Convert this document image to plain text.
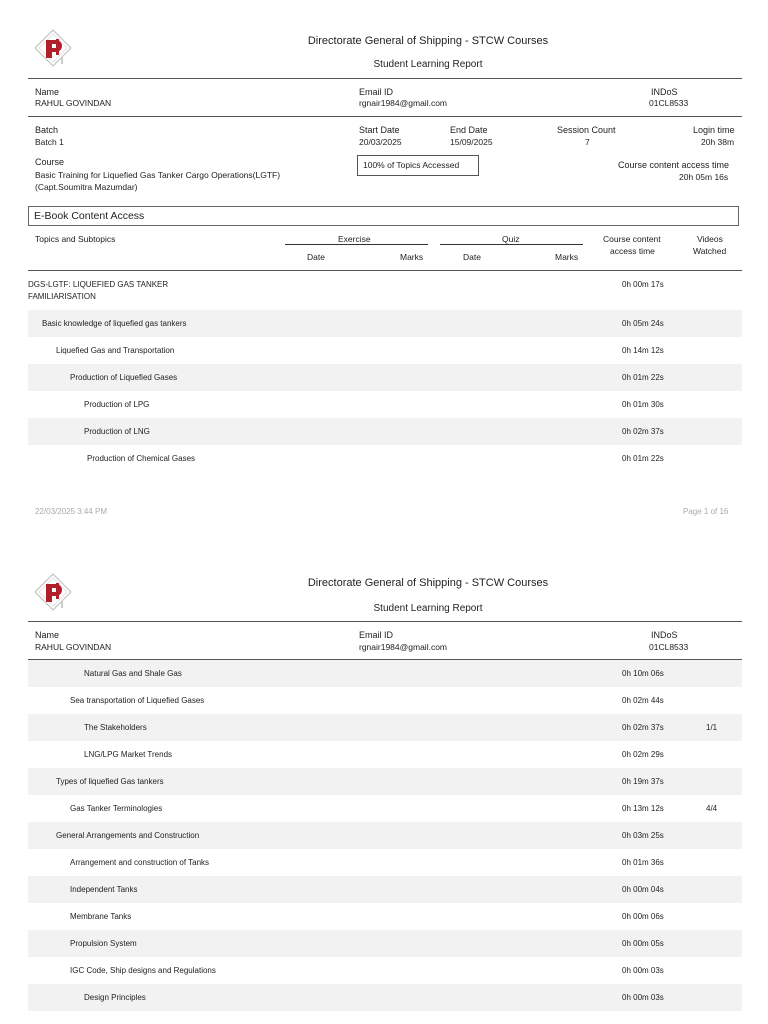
Directorate General of Shipping - STCW Courses
Student Learning Report
Name
RAHUL GOVINDAN
Email ID
rgnair1984@gmail.com
INDoS
01CL8533
Batch
Batch 1
Start Date
20/03/2025
End Date
15/09/2025
Session Count
7
Login time
20h 38m
Course
Basic Training for Liquefied Gas Tanker Cargo Operations(LGTF)
(Capt.Soumitra Mazumdar)
100% of Topics Accessed	Course content access time
20h 05m 16s
E-Book Content Access
Topics and Subtopics	Exercise	Quiz
Date	Marks	Date	Marks
Course content
access time
Videos
Watched
DGS-LGTF: LIQUEFIED GAS TANKER
FAMILIARISATION
0h 00m 17s
Basic knowledge of liquefied gas tankers	0h 05m 24s
Liquefied Gas and Transportation	0h 14m 12s
Production of Liquefied Gases	0h 01m 22s
Production of LPG	0h 01m 30s
Production of LNG	0h 02m 37s
Production of Chemical Gases	0h 01m 22s
22/03/2025 3:44 PM	Page 1 of 16
Directorate General of Shipping - STCW Courses
Student Learning Report
Name
RAHUL GOVINDAN
Email ID
rgnair1984@gmail.com
INDoS
01CL8533
Natural Gas and Shale Gas	0h 10m 06s
Sea transportation of Liquefied Gases	0h 02m 44s
The Stakeholders	0h 02m 37s	1/1
LNG/LPG Market Trends	0h 02m 29s
Types of liquefied Gas tankers	0h 19m 37s
Gas Tanker Terminologies	0h 13m 12s	4/4
General Arrangements and Construction	0h 03m 25s
Arrangement and construction of Tanks	0h 01m 36s
Independent Tanks	0h 00m 04s
Membrane Tanks	0h 00m 06s
Propulsion System	0h 00m 05s
IGC Code, Ship designs and Regulations	0h 00m 03s
Design Principles	0h 00m 03s
